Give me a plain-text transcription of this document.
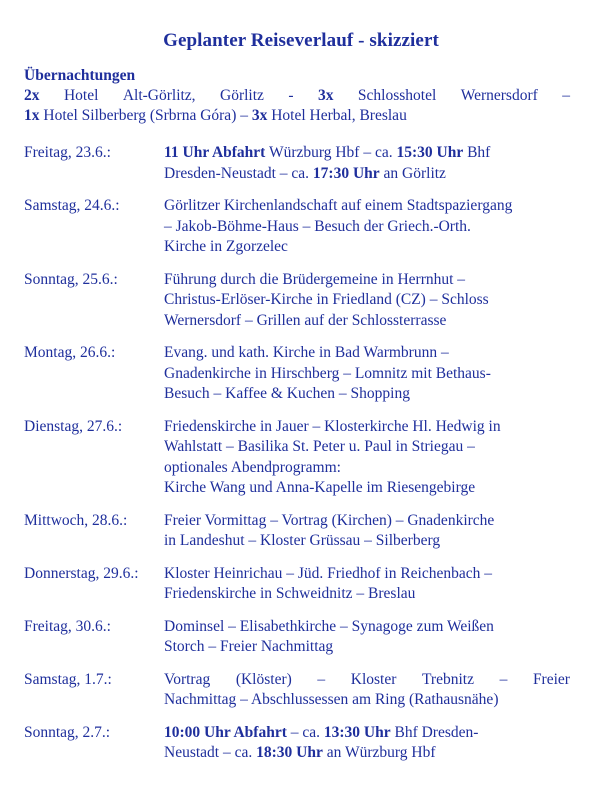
Geplanter Reiseverlauf - skizziert
Übernachtungen
2x Hotel Alt-Görlitz, Görlitz - 3x Schlosshotel Wernersdorf –
1x Hotel Silberberg (Srbrna Góra) – 3x Hotel Herbal, Breslau
Freitag, 23.6.:	11 Uhr Abfahrt Würzburg Hbf – ca. 15:30 Uhr Bhf
Dresden-Neustadt – ca. 17:30 Uhr an Görlitz
Samstag, 24.6.:	Görlitzer Kirchenlandschaft auf einem Stadtspaziergang
– Jakob-Böhme-Haus – Besuch der Griech.-Orth.
Kirche in Zgorzelec
Sonntag, 25.6.:	Führung durch die Brüdergemeine in Herrnhut –
Christus-Erlöser-Kirche in Friedland (CZ) – Schloss
Wernersdorf – Grillen auf der Schlossterrasse
Montag, 26.6.:	Evang. und kath. Kirche in Bad Warmbrunn –
Gnadenkirche in Hirschberg – Lomnitz mit Bethaus-
Besuch – Kaffee & Kuchen – Shopping
Dienstag, 27.6.:	Friedenskirche in Jauer – Klosterkirche Hl. Hedwig in
Wahlstatt – Basilika St. Peter u. Paul in Striegau –
optionales Abendprogramm:
Kirche Wang und Anna-Kapelle im Riesengebirge
Mittwoch, 28.6.:	Freier Vormittag – Vortrag (Kirchen) – Gnadenkirche
in Landeshut – Kloster Grüssau – Silberberg
Donnerstag, 29.6.:	Kloster Heinrichau – Jüd. Friedhof in Reichenbach –
Friedenskirche in Schweidnitz – Breslau
Freitag, 30.6.:	Dominsel – Elisabethkirche – Synagoge zum Weißen
Storch – Freier Nachmittag
Samstag, 1.7.:	Vortrag (Klöster) – Kloster Trebnitz – Freier
Nachmittag – Abschlussessen am Ring (Rathausnähe)
Sonntag, 2.7.:	10:00 Uhr Abfahrt – ca. 13:30 Uhr Bhf Dresden-
Neustadt – ca. 18:30 Uhr an Würzburg Hbf
